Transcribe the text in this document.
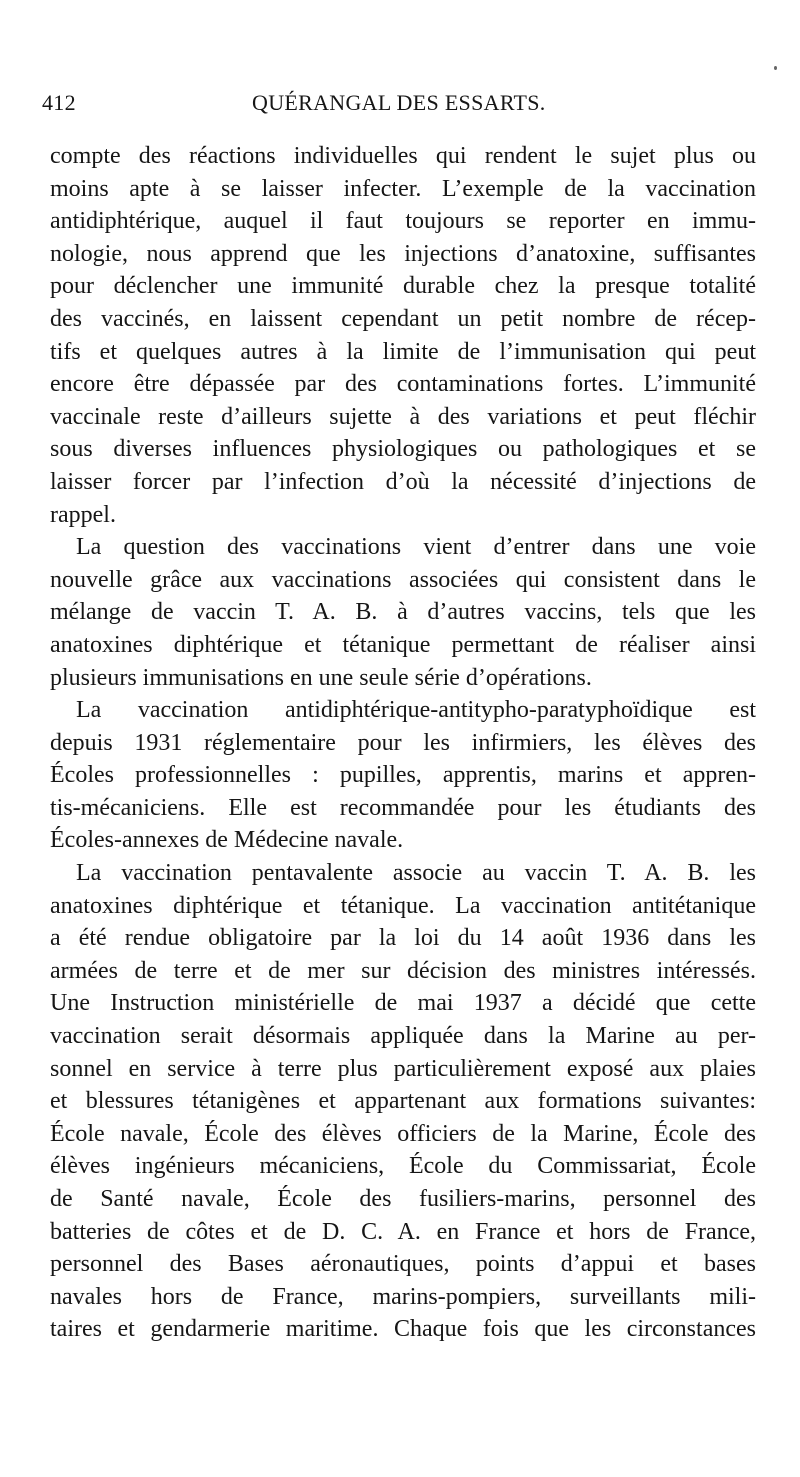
412	QUÉRANGAL DES ESSARTS.
compte des réactions individuelles qui rendent le sujet plus ou
moins apte à se laisser infecter. L’exemple de la vaccination
antidiphtérique, auquel il faut toujours se reporter en immu-
nologie, nous apprend que les injections d’anatoxine, suffisantes
pour déclencher une immunité durable chez la presque totalité
des vaccinés, en laissent cependant un petit nombre de récep-
tifs et quelques autres à la limite de l’immunisation qui peut
encore être dépassée par des contaminations fortes. L’immunité
vaccinale reste d’ailleurs sujette à des variations et peut fléchir
sous diverses influences physiologiques ou pathologiques et se
laisser forcer par l’infection d’où la nécessité d’injections de
rappel.
La question des vaccinations vient d’entrer dans une voie
nouvelle grâce aux vaccinations associées qui consistent dans le
mélange de vaccin T. A. B. à d’autres vaccins, tels que les
anatoxines diphtérique et tétanique permettant de réaliser ainsi
plusieurs immunisations en une seule série d’opérations.
La vaccination antidiphtérique-antityphо-paratyphoïdique est
depuis 1931 réglementaire pour les infirmiers, les élèves des
Écoles professionnelles : pupilles, apprentis, marins et appren-
tis-mécaniciens. Elle est recommandée pour les étudiants des
Écoles-annexes de Médecine navale.
La vaccination pentavalente associe au vaccin T. A. B. les
anatoxines diphtérique et tétanique. La vaccination antitétanique
a été rendue obligatoire par la loi du 14 août 1936 dans les
armées de terre et de mer sur décision des ministres intéressés.
Une Instruction ministérielle de mai 1937 a décidé que cette
vaccination serait désormais appliquée dans la Marine au per-
sonnel en service à terre plus particulièrement exposé aux plaies
et blessures tétanigènes et appartenant aux formations suivantes:
École navale, École des élèves officiers de la Marine, École des
élèves ingénieurs mécaniciens, École du Commissariat, École
de Santé navale, École des fusiliers-marins, personnel des
batteries de côtes et de D. C. A. en France et hors de France,
personnel des Bases aéronautiques, points d’appui et bases
navales hors de France, marins-pompiers, surveillants mili-
taires et gendarmerie maritime. Chaque fois que les circonstances
